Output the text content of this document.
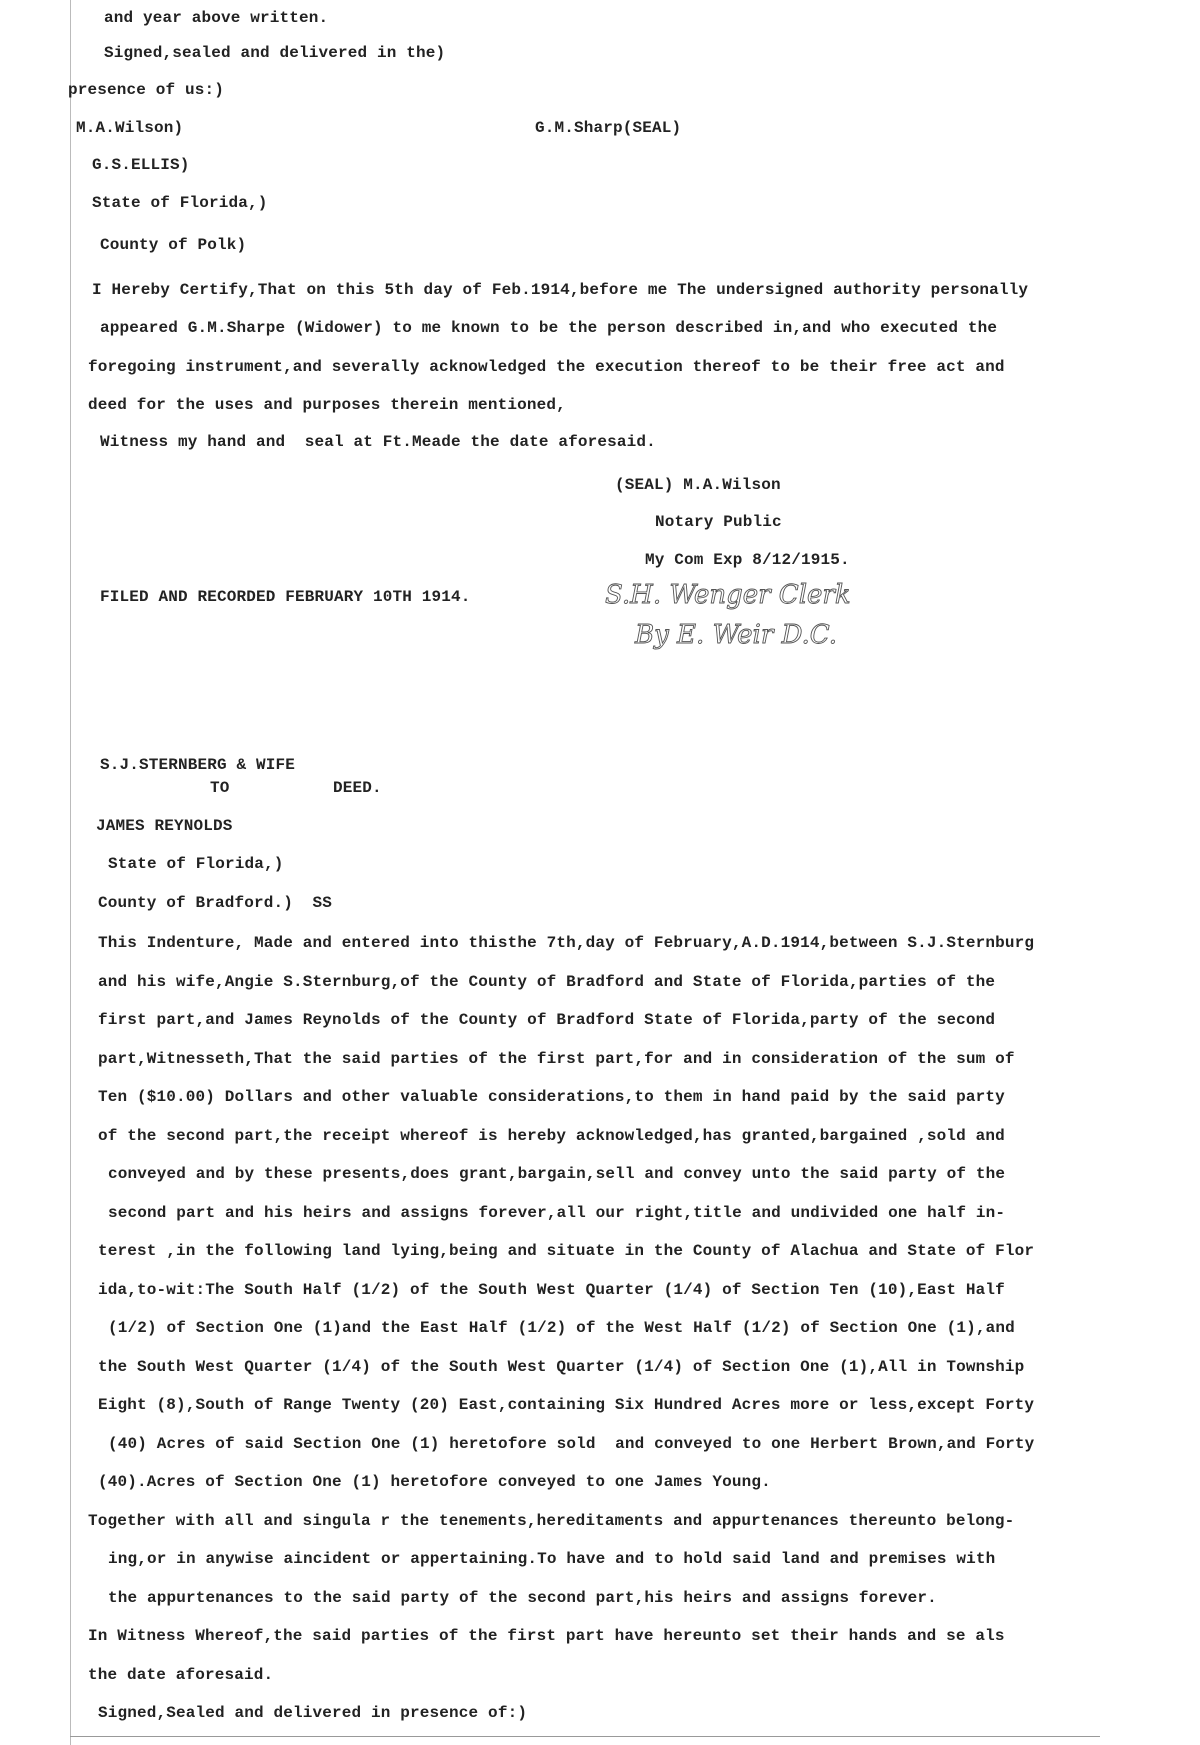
and year above written.
Signed,sealed and delivered in the)
presence of us:)
M.A.Wilson)	G.M.Sharp(SEAL)
G.S.ELLIS)
State of Florida,)
County of Polk)
I Hereby Certify,That on this 5th day of Feb.1914,before me The undersigned authority personally
appeared G.M.Sharpe (Widower) to me known to be the person described in,and who executed the
foregoing instrument,and severally acknowledged the execution thereof to be their free act and
deed for the uses and purposes therein mentioned,
Witness my hand and  seal at Ft.Meade the date aforesaid.
(SEAL) M.A.Wilson
Notary Public
My Com Exp 8/12/1915.
FILED AND RECORDED FEBRUARY 10TH 1914.	S.H. Wenger Clerk
By E. Weir D.C.
S.J.STERNBERG & WIFE
TO	DEED.
JAMES REYNOLDS
State of Florida,)
County of Bradford.)  SS
This Indenture, Made and entered into thisthe 7th,day of February,A.D.1914,between S.J.Sternburg
and his wife,Angie S.Sternburg,of the County of Bradford and State of Florida,parties of the
first part,and James Reynolds of the County of Bradford State of Florida,party of the second
part,Witnesseth,That the said parties of the first part,for and in consideration of the sum of
Ten ($10.00) Dollars and other valuable considerations,to them in hand paid by the said party
of the second part,the receipt whereof is hereby acknowledged,has granted,bargained ,sold and
conveyed and by these presents,does grant,bargain,sell and convey unto the said party of the
second part and his heirs and assigns forever,all our right,title and undivided one half in-
terest ,in the following land lying,being and situate in the County of Alachua and State of Flor
ida,to-wit:The South Half (1/2) of the South West Quarter (1/4) of Section Ten (10),East Half
(1/2) of Section One (1)and the East Half (1/2) of the West Half (1/2) of Section One (1),and
the South West Quarter (1/4) of the South West Quarter (1/4) of Section One (1),All in Township
Eight (8),South of Range Twenty (20) East,containing Six Hundred Acres more or less,except Forty
(40) Acres of said Section One (1) heretofore sold  and conveyed to one Herbert Brown,and Forty
(40).Acres of Section One (1) heretofore conveyed to one James Young.
Together with all and singula r the tenements,hereditaments and appurtenances thereunto belong-
ing,or in anywise aincident or appertaining.To have and to hold said land and premises with
the appurtenances to the said party of the second part,his heirs and assigns forever.
In Witness Whereof,the said parties of the first part have hereunto set their hands and se als
the date aforesaid.
Signed,Sealed and delivered in presence of:)
